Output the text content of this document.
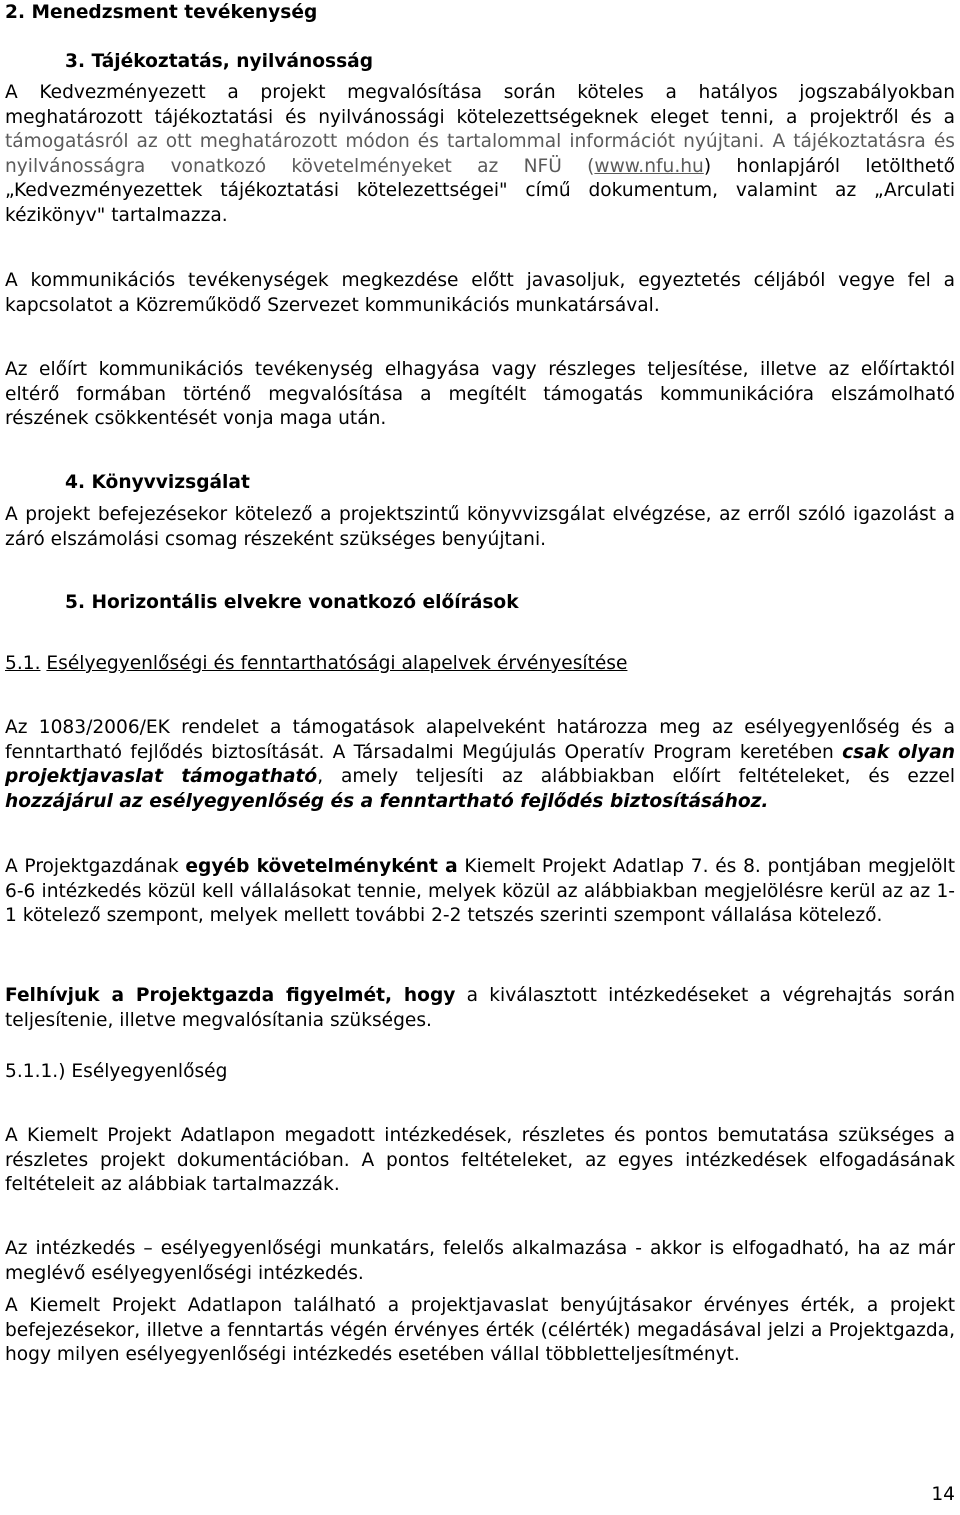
2. Menedzsment tevékenység
3. Tájékoztatás, nyilvánosság

A Kedvezményezett a projekt megvalósítása során köteles a hatályos jogszabályokban meghatározott tájékoztatási és nyilvánossági kötelezettségeknek eleget tenni, a projektről és a támogatásról az ott meghatározott módon és tartalommal információt nyújtani. A tájékoztatásra és nyilvánosságra vonatkozó követelményeket az NFÜ (www.nfu.hu) honlapjáról letölthető „Kedvezményezettek tájékoztatási kötelezettségei" című dokumentum, valamint az „Arculati kézikönyv" tartalmazza.

A kommunikációs tevékenységek megkezdése előtt javasoljuk, egyeztetés céljából vegye fel a kapcsolatot a Közreműködő Szervezet kommunikációs munkatársával.

Az előírt kommunikációs tevékenység elhagyása vagy részleges teljesítése, illetve az előírtaktól eltérő formában történő megvalósítása a megítélt támogatás kommunikációra elszámolható részének csökkentését vonja maga után.

4. Könyvvizsgálat

A projekt befejezésekor kötelező a projektszintű könyvvizsgálat elvégzése, az erről szóló igazolást a záró elszámolási csomag részeként szükséges benyújtani.

5. Horizontális elvekre vonatkozó előírások
5.1. Esélyegyenlőségi és fenntarthatósági alapelvek érvényesítése

Az 1083/2006/EK rendelet a támogatások alapelveként határozza meg az esélyegyenlőség és a fenntartható fejlődés biztosítását. A Társadalmi Megújulás Operatív Program keretében csak olyan projektjavaslat támogatható, amely teljesíti az alábbiakban előírt feltételeket, és ezzel hozzájárul az esélyegyenlőség és a fenntartható fejlődés biztosításához.

A Projektgazdának egyéb követelményként a Kiemelt Projekt Adatlap 7. és 8. pontjában megjelölt 6-6 intézkedés közül kell vállalásokat tennie, melyek közül az alábbiakban megjelölésre kerül az az 1-1 kötelező szempont, melyek mellett további 2-2 tetszés szerinti szempont vállalása kötelező.

Felhívjuk a Projektgazda figyelmét, hogy a kiválasztott intézkedéseket a végrehajtás során teljesítenie, illetve megvalósítania szükséges.

5.1.1.) Esélyegyenlőség

A Kiemelt Projekt Adatlapon megadott intézkedések, részletes és pontos bemutatása szükséges a részletes projekt dokumentációban. A pontos feltételeket, az egyes intézkedések elfogadásának feltételeit az alábbiak tartalmazzák.

Az intézkedés – esélyegyenlőségi munkatárs, felelős alkalmazása - akkor is elfogadható, ha az már meglévő esélyegyenlőségi intézkedés.

A Kiemelt Projekt Adatlapon található a projektjavaslat benyújtásakor érvényes érték, a projekt befejezésekor, illetve a fenntartás végén érvényes érték (célérték) megadásával jelzi a Projektgazda, hogy milyen esélyegyenlőségi intézkedés esetében vállal többletteljesítményt.

14
